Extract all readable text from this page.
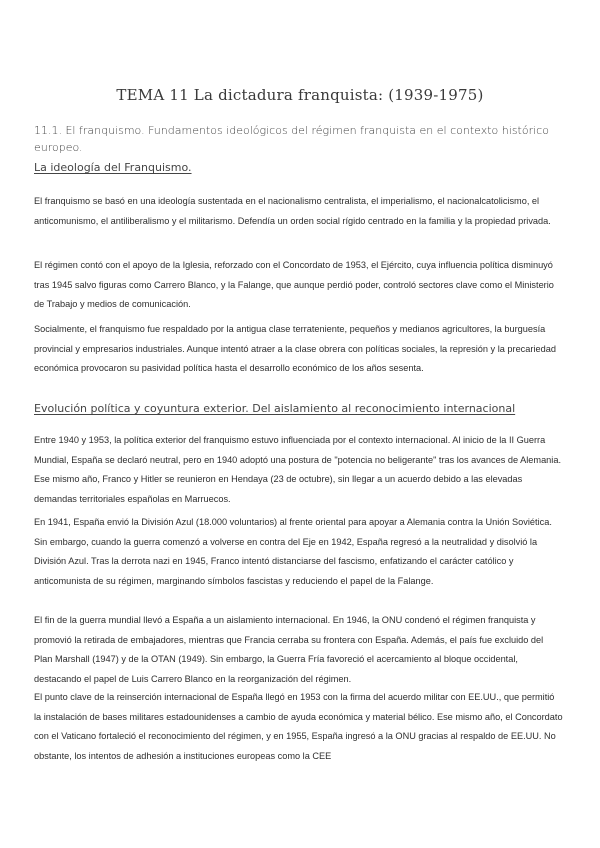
TEMA 11 La dictadura franquista: (1939-1975)
11.1. El franquismo. Fundamentos ideológicos del régimen franquista en el contexto histórico europeo.
La ideología del Franquismo.

El franquismo se basó en una ideología sustentada en el nacionalismo centralista, el imperialismo, el nacionalcatolicismo, el anticomunismo, el antiliberalismo y el militarismo. Defendía un orden social rígido centrado en la familia y la propiedad privada.

El régimen contó con el apoyo de la Iglesia, reforzado con el Concordato de 1953, el Ejército, cuya influencia política disminuyó tras 1945 salvo figuras como Carrero Blanco, y la Falange, que aunque perdió poder, controló sectores clave como el Ministerio de Trabajo y medios de comunicación.

Socialmente, el franquismo fue respaldado por la antigua clase terrateniente, pequeños y medianos agricultores, la burguesía provincial y empresarios industriales. Aunque intentó atraer a la clase obrera con políticas sociales, la represión y la precariedad económica provocaron su pasividad política hasta el desarrollo económico de los años sesenta.

Evolución política y coyuntura exterior. Del aislamiento al reconocimiento internacional

Entre 1940 y 1953, la política exterior del franquismo estuvo influenciada por el contexto internacional. Al inicio de la II Guerra Mundial, España se declaró neutral, pero en 1940 adoptó una postura de "potencia no beligerante" tras los avances de Alemania. Ese mismo año, Franco y Hitler se reunieron en Hendaya (23 de octubre), sin llegar a un acuerdo debido a las elevadas demandas territoriales españolas en Marruecos.

En 1941, España envió la División Azul (18.000 voluntarios) al frente oriental para apoyar a Alemania contra la Unión Soviética. Sin embargo, cuando la guerra comenzó a volverse en contra del Eje en 1942, España regresó a la neutralidad y disolvió la División Azul. Tras la derrota nazi en 1945, Franco intentó distanciarse del fascismo, enfatizando el carácter católico y anticomunista de su régimen, marginando símbolos fascistas y reduciendo el papel de la Falange.

El fin de la guerra mundial llevó a España a un aislamiento internacional. En 1946, la ONU condenó el régimen franquista y promovió la retirada de embajadores, mientras que Francia cerraba su frontera con España. Además, el país fue excluido del Plan Marshall (1947) y de la OTAN (1949). Sin embargo, la Guerra Fría favoreció el acercamiento al bloque occidental, destacando el papel de Luis Carrero Blanco en la reorganización del régimen.

El punto clave de la reinserción internacional de España llegó en 1953 con la firma del acuerdo militar con EE.UU., que permitió la instalación de bases militares estadounidenses a cambio de ayuda económica y material bélico. Ese mismo año, el Concordato con el Vaticano fortaleció el reconocimiento del régimen, y en 1955, España ingresó a la ONU gracias al respaldo de EE.UU. No obstante, los intentos de adhesión a instituciones europeas como la CEE
